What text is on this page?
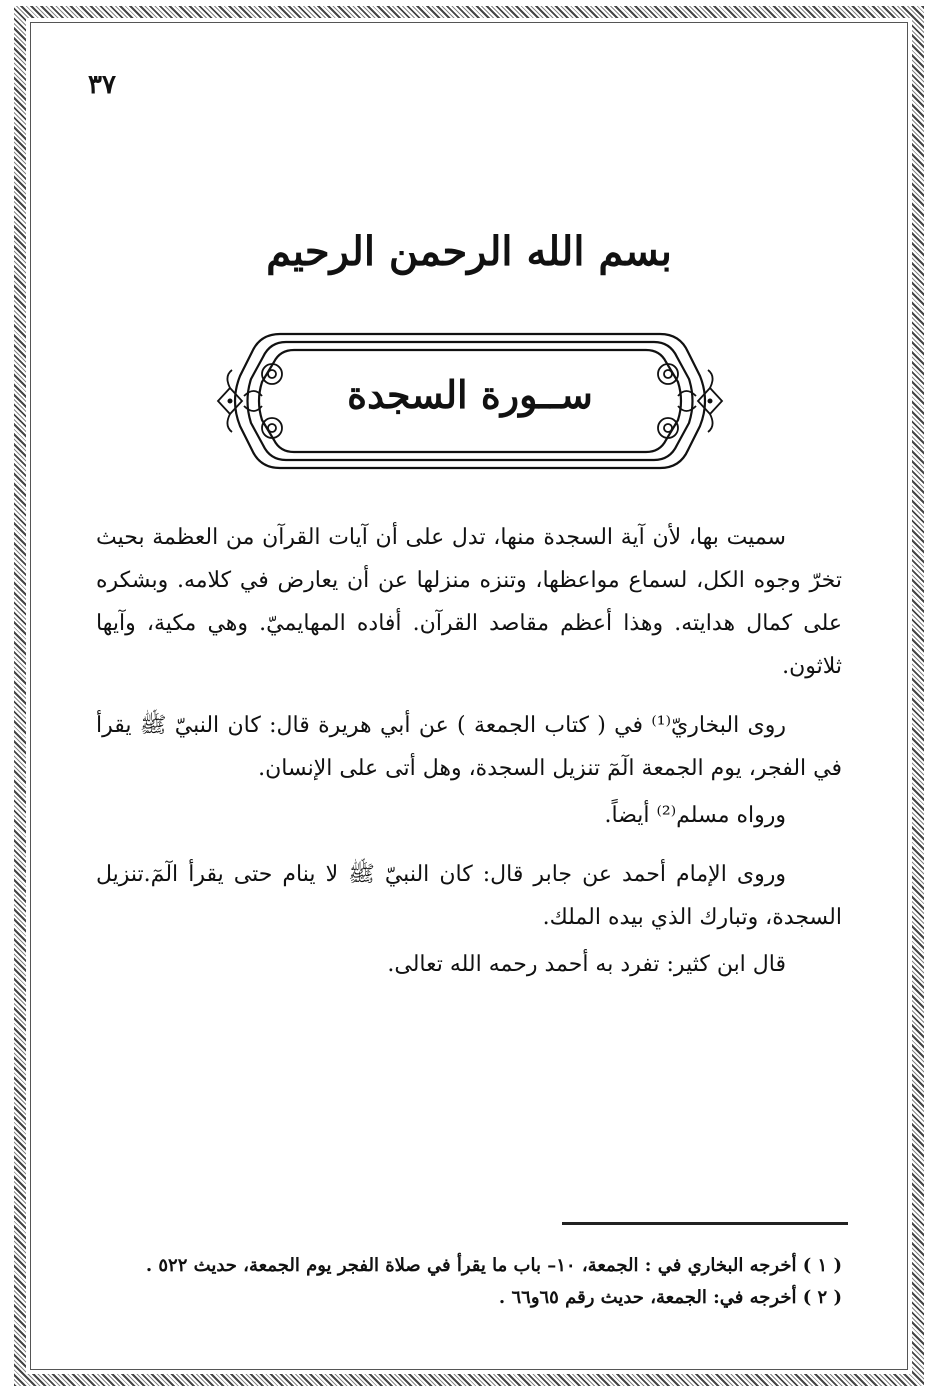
٣٧
بسم الله الرحمن الرحيم
ســورة السجدة

سميت بها، لأن آية السجدة منها، تدل على أن آيات القرآن من العظمة بحيث تخرّ وجوه الكل، لسماع مواعظها، وتنزه منزلها عن أن يعارض في كلامه. وبشكره على كمال هدايته. وهذا أعظم مقاصد القرآن. أفاده المهايميّ. وهي مكية، وآيها ثلاثون.

روى البخاريّ⁽¹⁾ في ( كتاب الجمعة ) عن أبي هريرة قال: كان النبيّ ﷺ يقرأ في الفجر، يوم الجمعة الٓمٓ تنزيل السجدة، وهل أتى على الإنسان.

ورواه مسلم⁽²⁾ أيضاً.

وروى الإمام أحمد عن جابر قال: كان النبيّ ﷺ لا ينام حتى يقرأ الٓمٓ.تنزيل السجدة، وتبارك الذي بيده الملك.

قال ابن كثير: تفرد به أحمد رحمه الله تعالى.

( ١ ) أخرجه البخاري في : الجمعة، ١٠– باب ما يقرأ في صلاة الفجر يوم الجمعة، حديث ٥٢٢ .
( ٢ ) أخرجه في: الجمعة، حديث رقم ٦٥و٦٦ .
